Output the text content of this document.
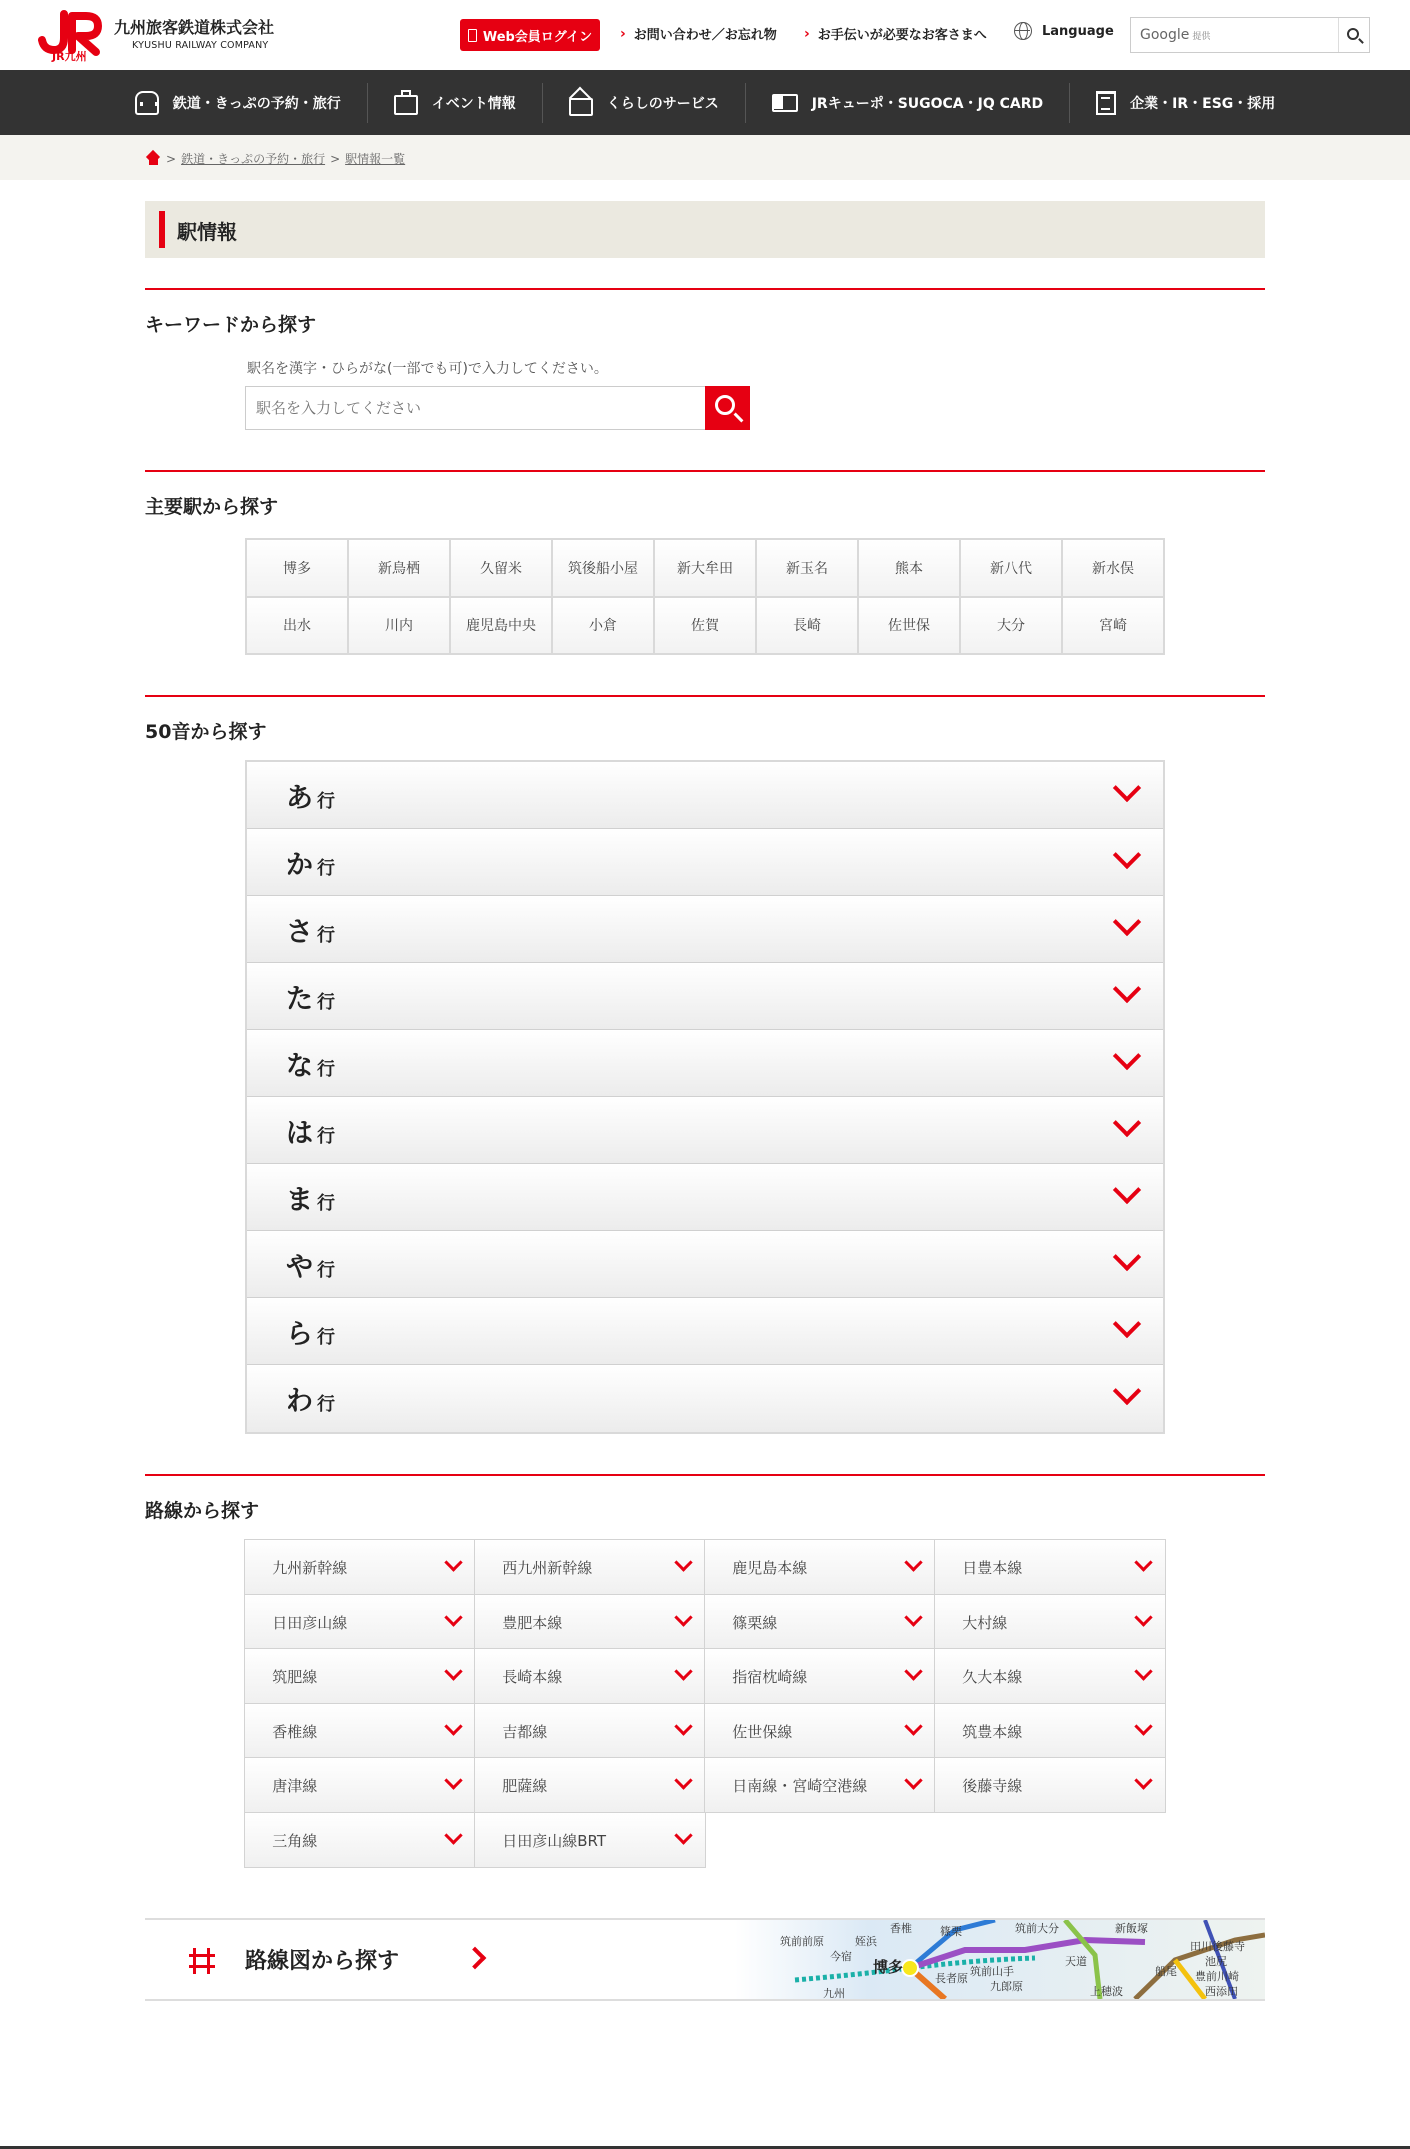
JR九州
九州旅客鉄道株式会社
KYUSHU RAILWAY COMPANY
Web会員ログイン › お問い合わせ／お忘れ物 › お手伝いが必要なお客さまへ	Language Google 提供
鉄道・きっぷの予約・旅行	イベント情報	くらしのサービス	JRキューポ・SUGOCA・JQ CARD	企業・IR・ESG・採用
> 鉄道・きっぷの予約・旅行 > 駅情報一覧
駅情報
キーワードから探す
駅名を漢字・ひらがな(一部でも可)で入力してください。
駅名を入力してください
主要駅から探す
博多	新鳥栖	久留米	筑後船小屋	新大牟田	新玉名	熊本	新八代	新水俣
出水	川内	鹿児島中央	小倉	佐賀	長崎	佐世保	大分	宮崎
50音から探す
あ 行
か 行
さ 行
た 行
な 行
は 行
ま 行
や 行
ら 行
わ 行
路線から探す
九州新幹線	西九州新幹線	鹿児島本線	日豊本線
日田彦山線	豊肥本線	篠栗線	大村線
筑肥線	長崎本線	指宿枕崎線	久大本線
香椎線	吉都線	佐世保線	筑豊本線
唐津線	肥薩線	日南線・宮崎空港線	後藤寺線
三角線	日田彦山線BRT
路線図から探す	博多
筑前前原
今宿
姪浜
香椎
九州
篠栗
長者原
筑前山手
九郎原
筑前大分
天道
新飯塚
上穂波
田川後藤寺
豊前川崎
船尾
西添田
池尻
